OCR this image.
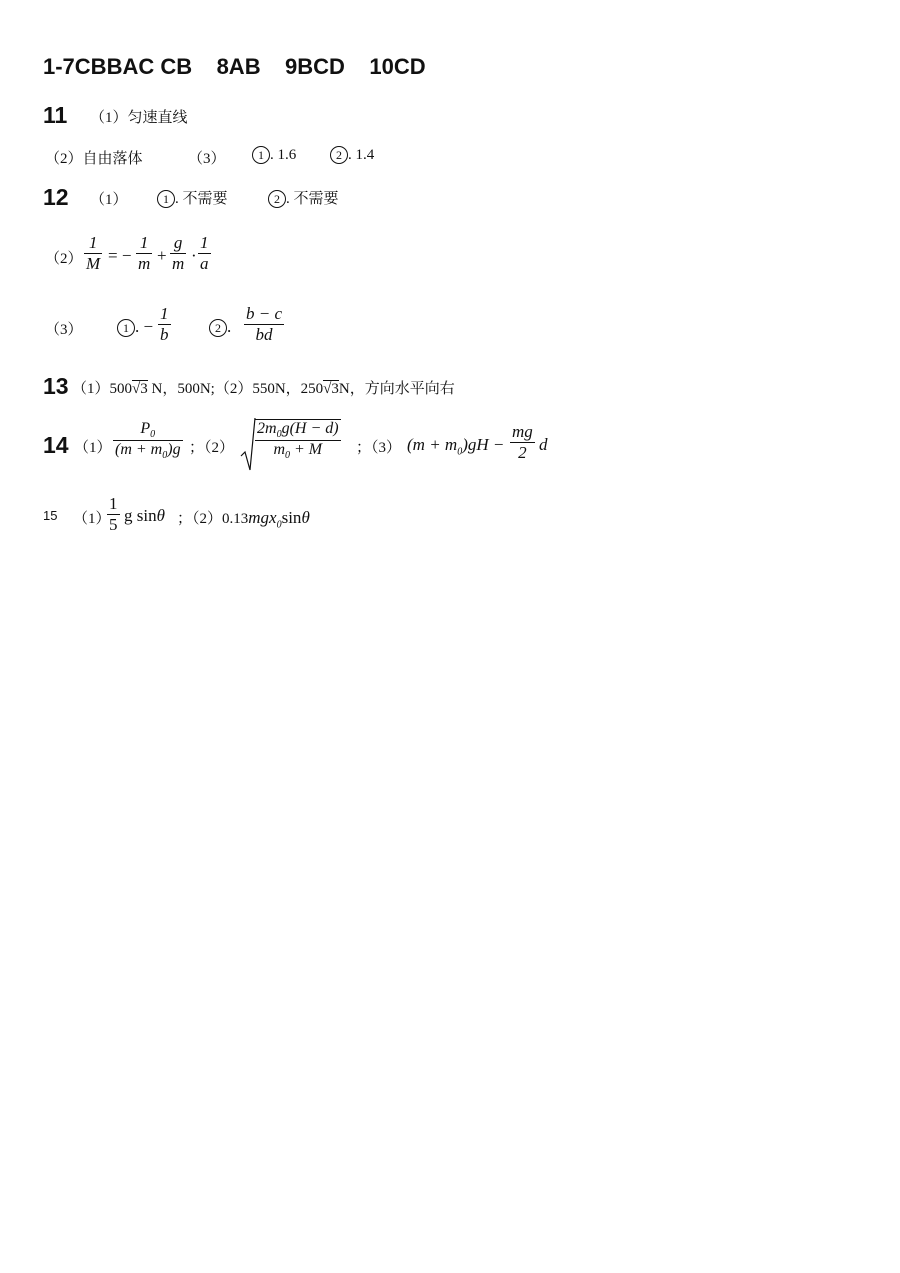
1-7CBBAC CB    8AB    9BCD    10CD
11 （1）匀速直线
（2）自由落体	（3）	1 . 1.6	2 . 1.4
12 （1）	1 . 不需要	2 . 不需要
（2）
1
M = −
1
m +
g
m ·
1
a
（3）	1 . −
1
b	2 .
b − c
bd
13 （1）500√3 N，500N;（2）550N，250√3N，方向水平向右
14 （1）
$P_0$
$(m + m_0)g$ ；（2）
$2m_0g(H - d)$
$m_0 + M$	；（3） $(m + m_0)gH$ −
mg
2 d
15 （1）
1
5 g sinθ ；（2）0.13mgx$_0$sinθ
